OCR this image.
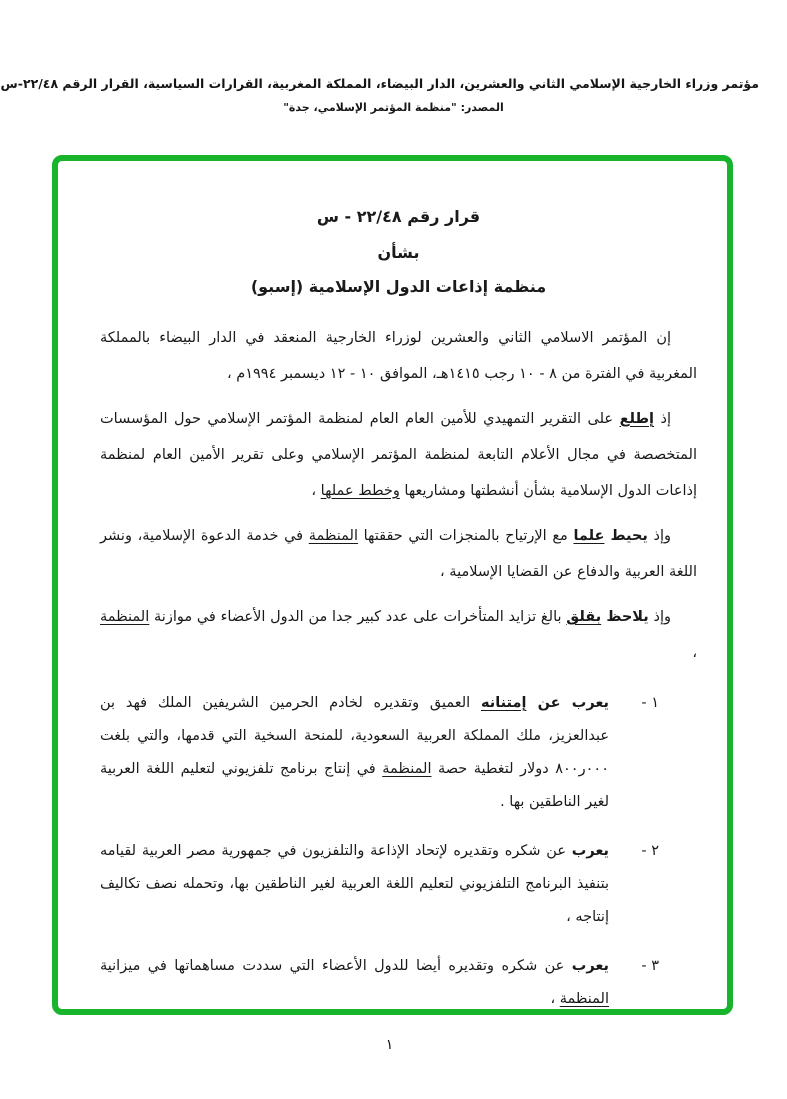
مؤتمر وزراء الخارجية الإسلامي الثاني والعشرين، الدار البيضاء، المملكة المغربية، القرارات السياسية، القرار الرقم ٢٢/٤٨-س
المصدر: "منظمة المؤتمر الإسلامي، جدة"
قرار رقم ٢٢/٤٨ - س
بشأن
منظمة إذاعات الدول الإسلامية (إسبو)

إن المؤتمر الاسلامي الثاني والعشرين لوزراء الخارجية المنعقد في الدار البيضاء بالمملكة المغربية في الفترة من ٨ - ١٠ رجب ١٤١٥هـ، الموافق ١٠ - ١٢ ديسمبر ١٩٩٤م ،

إذ إطلع على التقرير التمهيدي للأمين العام العام لمنظمة المؤتمر الإسلامي حول المؤسسات المتخصصة في مجال الأعلام التابعة لمنظمة المؤتمر الإسلامي وعلى تقرير الأمين العام لمنظمة إذاعات الدول الإسلامية بشأن أنشطتها ومشاريعها وخطط عملها ،

وإذ يحيط علما مع الإرتياح بالمنجزات التي حققتها المنظمة في خدمة الدعوة الإسلامية، ونشر اللغة العربية والدفاع عن القضايا الإسلامية ،

وإذ يلاحظ بقلق بالغ تزايد المتأخرات على عدد كبير جدا من الدول الأعضاء في موازنة المنظمة ،

١ -
يعرب عن إمتنانه العميق وتقديره لخادم الحرمين الشريفين الملك فهد بن عبدالعزيز، ملك المملكة العربية السعودية، للمنحة السخية التي قدمها، والتي بلغت ٠٠٠ر٨٠٠ دولار لتغطية حصة المنظمة في إنتاج برنامج تلفزيوني لتعليم اللغة العربية لغير الناطقين بها .
٢ -
يعرب عن شكره وتقديره لإتحاد الإذاعة والتلفزيون في جمهورية مصر العربية لقيامه بتنفيذ البرنامج التلفزيوني لتعليم اللغة العربية لغير الناطقين بها، وتحمله نصف تكاليف إنتاجه ،
٣ -
يعرب عن شكره وتقديره أيضا للدول الأعضاء التي سددت مساهماتها في ميزانية المنظمة ،
١
